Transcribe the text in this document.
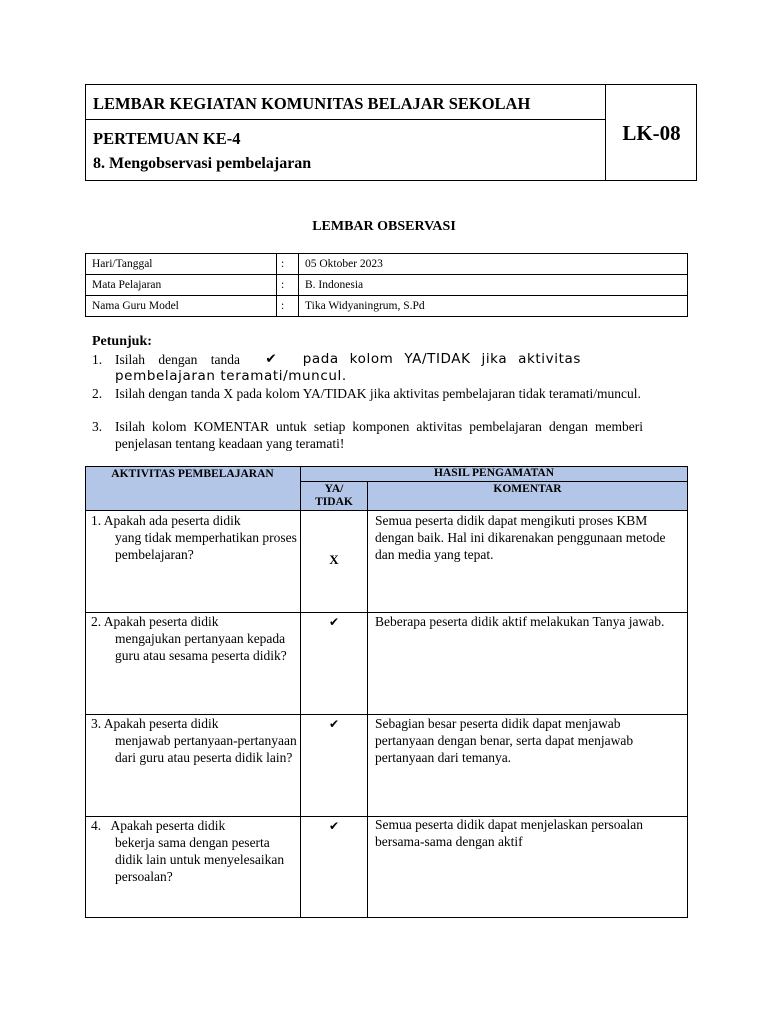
LEMBAR KEGIATAN KOMUNITAS BELAJAR SEKOLAH
PERTEMUAN KE-4
8. Mengobservasi pembelajaran
LK-08
LEMBAR OBSERVASI
Hari/Tanggal	:	05 Oktober 2023
Mata Pelajaran	:	B. Indonesia
Nama Guru Model	:	Tika Widyaningrum, S.Pd
Petunjuk:
1. Isilah dengan tanda ✔ pada kolom YA/TIDAK jika aktivitas
pembelajaran teramati/muncul.
2. Isilah dengan tanda X pada kolom YA/TIDAK jika aktivitas pembelajaran tidak teramati/muncul.
3. Isilah kolom KOMENTAR untuk setiap komponen aktivitas pembelajaran dengan memberi penjelasan tentang keadaan yang teramati!
AKTIVITAS PEMBELAJARAN	HASIL PENGAMATAN
YA/ TIDAK
KOMENTAR
1. Apakah ada peserta didik
yang tidak memperhatikan proses pembelajaran?	X
Semua peserta didik dapat mengikuti proses KBM dengan baik. Hal ini dikarenakan penggunaan metode dan media yang tepat.
2. Apakah peserta didik
mengajukan pertanyaan kepada guru atau sesama peserta didik?
✔	Beberapa peserta didik aktif melakukan Tanya jawab.
3. Apakah peserta didik
menjawab pertanyaan-pertanyaan dari guru atau peserta didik lain?
✔	Sebagian besar peserta didik dapat menjawab pertanyaan dengan benar, serta dapat menjawab pertanyaan dari temanya.
4. Apakah peserta didik
bekerja sama dengan peserta didik lain untuk menyelesaikan persoalan?
✔	Semua peserta didik dapat menjelaskan persoalan bersama-sama dengan aktif
